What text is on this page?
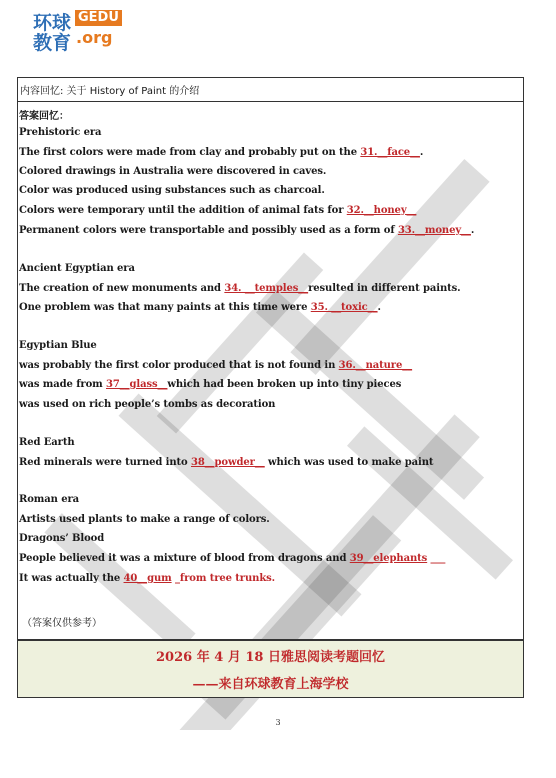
环球
教育
GEDU
.org
内容回忆: 关于 History of Paint 的介绍
答案回忆：
Prehistoric era
The first colors were made from clay and probably put on the 31.__face__.
Colored drawings in Australia were discovered in caves.
Color was produced using substances such as charcoal.
Colors were temporary until the addition of animal fats for 32.__honey__
Permanent colors were transportable and possibly used as a form of 33.__money__.
Ancient Egyptian era
The creation of new monuments and 34. __temples__resulted in different paints.
One problem was that many paints at this time were 35. __toxic__.
Egyptian Blue
was probably the first color produced that is not found in 36.__nature__
was made from 37__glass__which had been broken up into tiny pieces
was used on rich people’s tombs as decoration
Red Earth
Red minerals were turned into 38__powder__ which was used to make paint
Roman era
Artists used plants to make a range of colors.
Dragons’ Blood
People believed it was a mixture of blood from dragons and 39__elephants ___
It was actually the 40__gum _from tree trunks.
（答案仅供参考）
2026 年 4 月 18 日雅思阅读考题回忆
——来自环球教育上海学校
3
